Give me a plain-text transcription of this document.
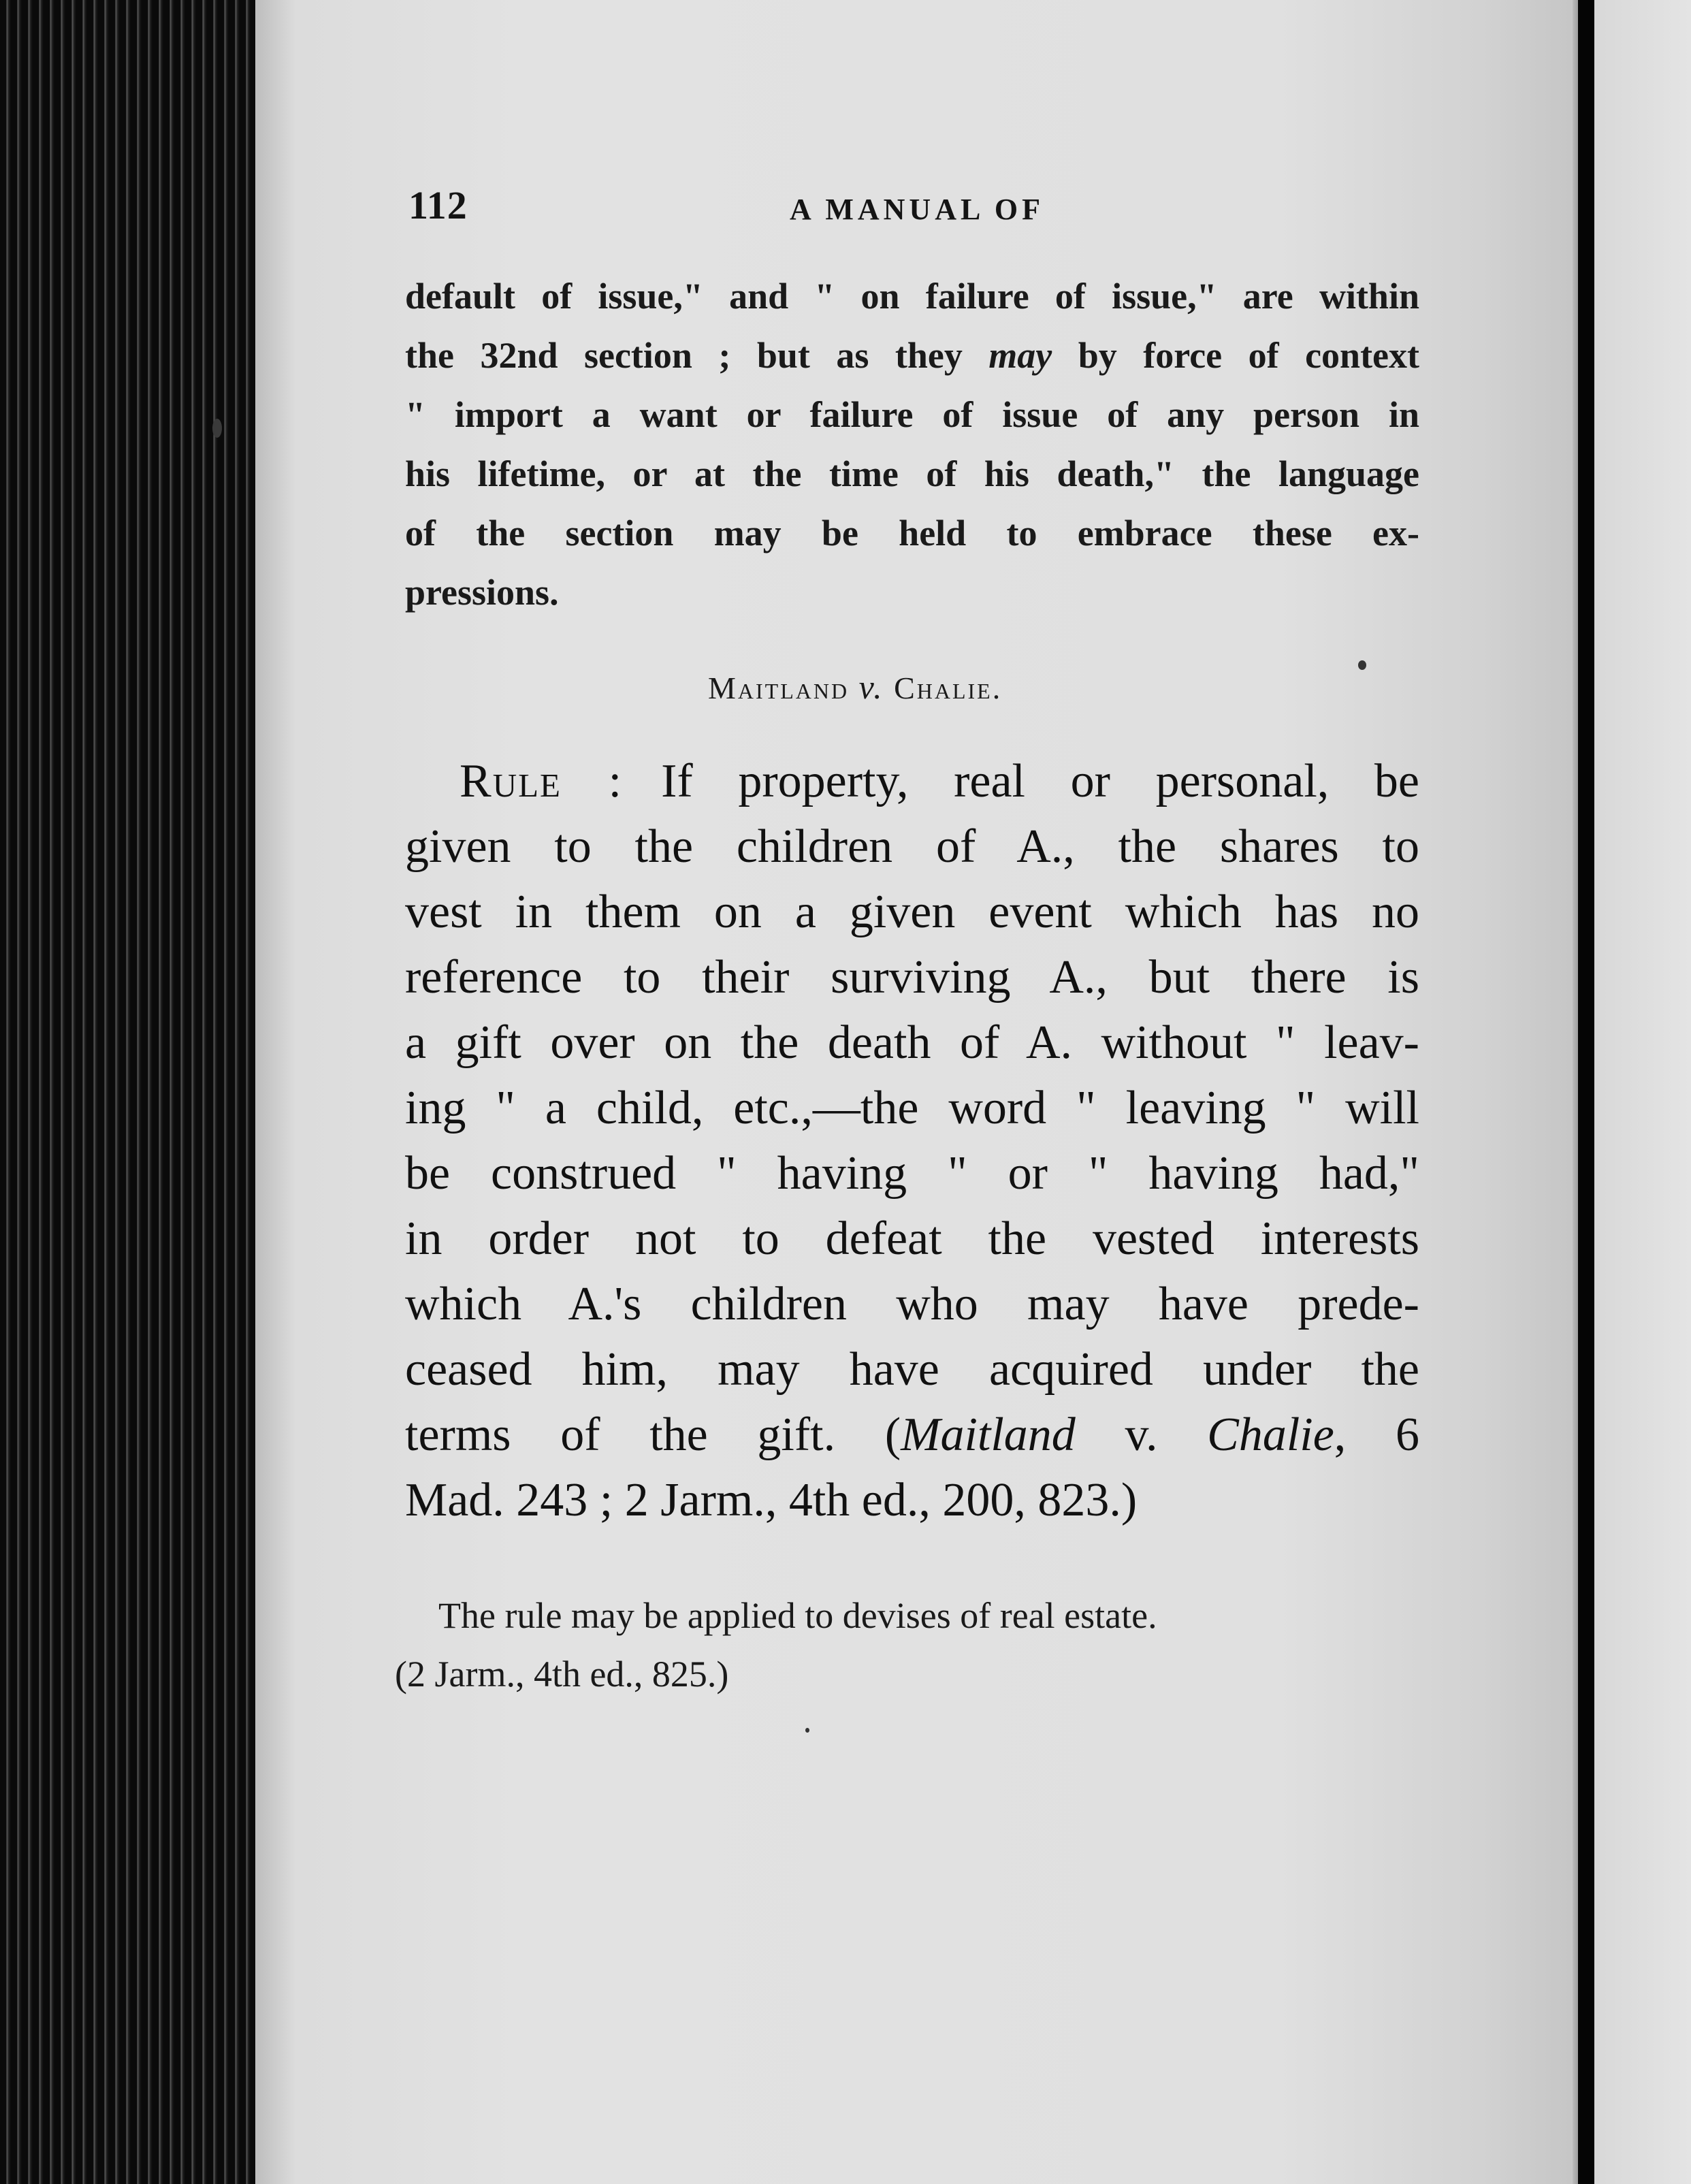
112	A MANUAL OF
default of issue," and " on failure of issue," are within
the 32nd section ; but as they may by force of context
" import a want or failure of issue of any person in
his lifetime, or at the time of his death," the language
of the section may be held to embrace these ex-
pressions.
Maitland v. Chalie.
Rule : If property, real or personal, be
given to the children of A., the shares to
vest in them on a given event which has no
reference to their surviving A., but there is
a gift over on the death of A. without " leav-
ing " a child, etc.,—the word " leaving " will
be construed " having " or " having had,"
in order not to defeat the vested interests
which A.'s children who may have prede-
ceased him, may have acquired under the
terms of the gift. (Maitland v. Chalie, 6
Mad. 243 ; 2 Jarm., 4th ed., 200, 823.)
The rule may be applied to devises of real estate.
(2 Jarm., 4th ed., 825.)
